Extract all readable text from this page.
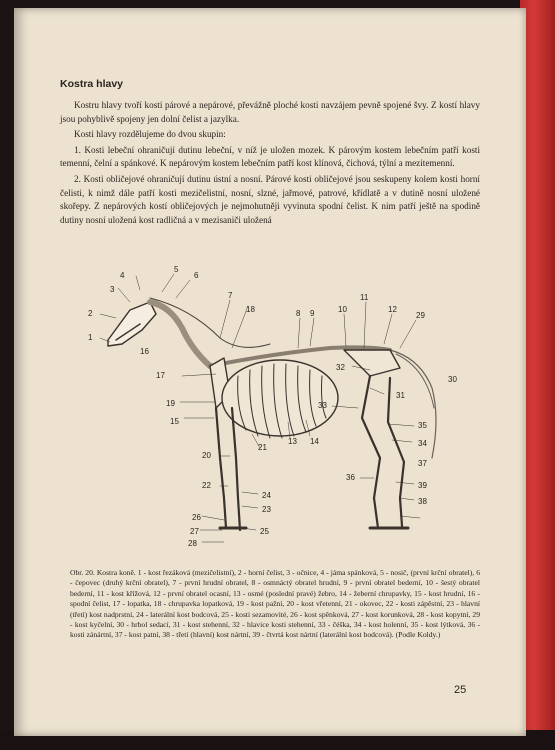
Kostra hlavy

Kostru hlavy tvoří kosti párové a nepárové, převážně ploché kosti navzájem pevně spojené švy. Z kostí hlavy jsou pohyblivě spojeny jen dolní čelist a jazylka.

Kosti hlavy rozdělujeme do dvou skupin:

1. Kosti lebeční ohraničují dutinu lebeční, v níž je uložen mozek. K párovým kostem lebečním patří kosti temenní, čelní a spánkové. K nepárovým kostem lebečním patří kost klínová, čichová, týlní a mezitemenní.

2. Kosti obličejové ohraničují dutinu ústní a nosní. Párové kosti obličejové jsou seskupeny kolem kosti horní čelisti, k nimž dále patří kosti mezičelistní, nosní, slzné, jařmové, patrové, křídlatě a v dutině nosní uložené skořepy. Z nepárových kostí obličejových je nejmohutněji vyvinuta spodní čelist. K nim patří ještě na spodině dutiny nosní uložená kost radličná a v mezisaniči uložená

1
2
3
4
5
6
7
18	8 9	10
11
12
29
16
17
32
30
19
15
33
31
35
13 14
21	34
20
37
36
39
22
24
38
23
26
27	25
28
Obr. 20. Kostra koně. 1 - kost řezáková (mezičelistní), 2 - horní čelist, 3 - očnice, 4 - jáma spánková, 5 - nosič, (první krční obratel), 6 - čepovec (druhý krční obratel), 7 - první hrudní obratel, 8 - osmnáctý obratel hrudní, 9 - první obratel bederní, 10 - šestý obratel bederní, 11 - kost křížová, 12 - první obratel ocasní, 13 - osmé (poslední pravé) žebro, 14 - žeberní chrupavky, 15 - kost hrudní, 16 - spodní čelist, 17 - lopatka, 18 - chrupavka lopatková, 19 - kost pažní, 20 - kost vřetenní, 21 - okovec, 22 - kosti zápěstní, 23 - hlavní (třetí) kost nadprstní, 24 - laterální kost bodcová, 25 - kosti sezamovité, 26 - kost spěnková, 27 - kost korunková, 28 - kost kopytní, 29 - kost kyčelní, 30 - hrbol sedací, 31 - kost stehenní, 32 - hlavice kosti stehenní, 33 - čéška, 34 - kost holenní, 35 - kost lýtková, 36 - kosti zánártní, 37 - kost patní, 38 - třetí (hlavní) kost nártní, 39 - čtvrtá kost nártní (laterální kost bodcová). (Podle Koldy.)
25
